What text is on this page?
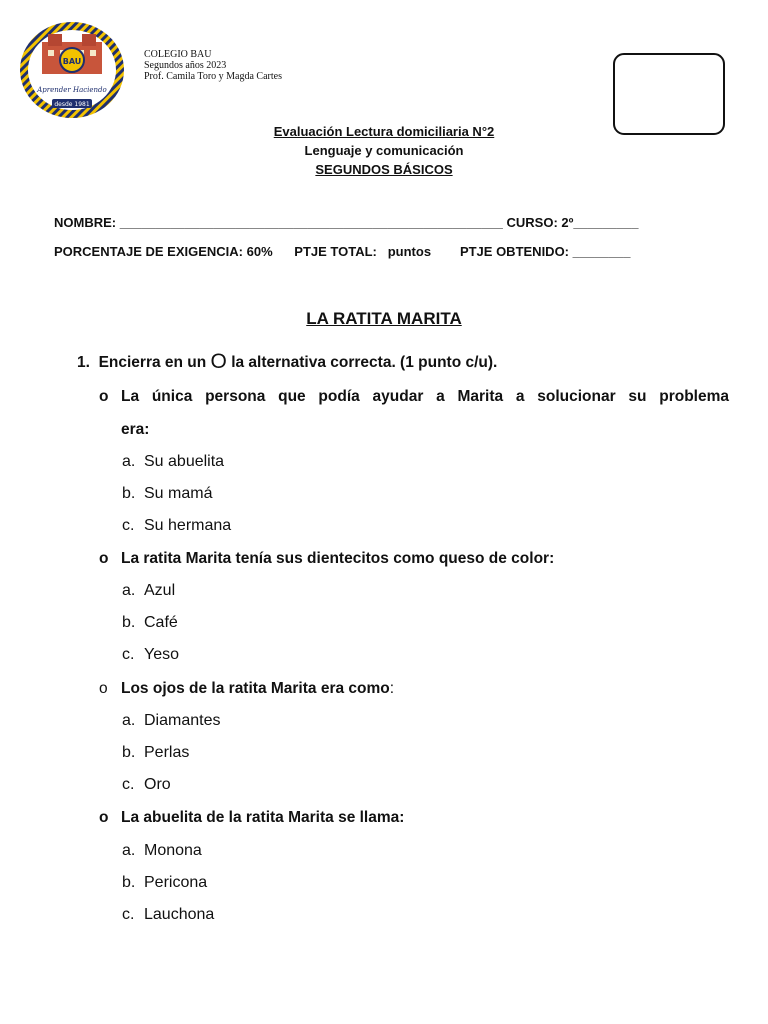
BAU
Aprender Haciendo
desde 1981
COLEGIO BAU
Segundos años 2023
Prof. Camila Toro y Magda Cartes
Evaluación Lectura domiciliaria N°2
Lenguaje y comunicación
SEGUNDOS BÁSICOS
NOMBRE: _____________________________________________________ CURSO: 2º_________
PORCENTAJE DE EXIGENCIA: 60%      PTJE TOTAL:   puntos        PTJE OBTENIDO: ________
LA RATITA MARITA
1. Encierra en un O la alternativa correcta. (1 punto c/u).
o La única persona que podía ayudar a Marita a solucionar su problema
era:
a. Su abuelita
b. Su mamá
c. Su hermana
o La ratita Marita tenía sus dientecitos como queso de color:
a. Azul
b. Café
c. Yeso
o Los ojos de la ratita Marita era como:
a. Diamantes
b. Perlas
c. Oro
o La abuelita de la ratita Marita se llama:
a. Monona
b. Pericona
c. Lauchona
